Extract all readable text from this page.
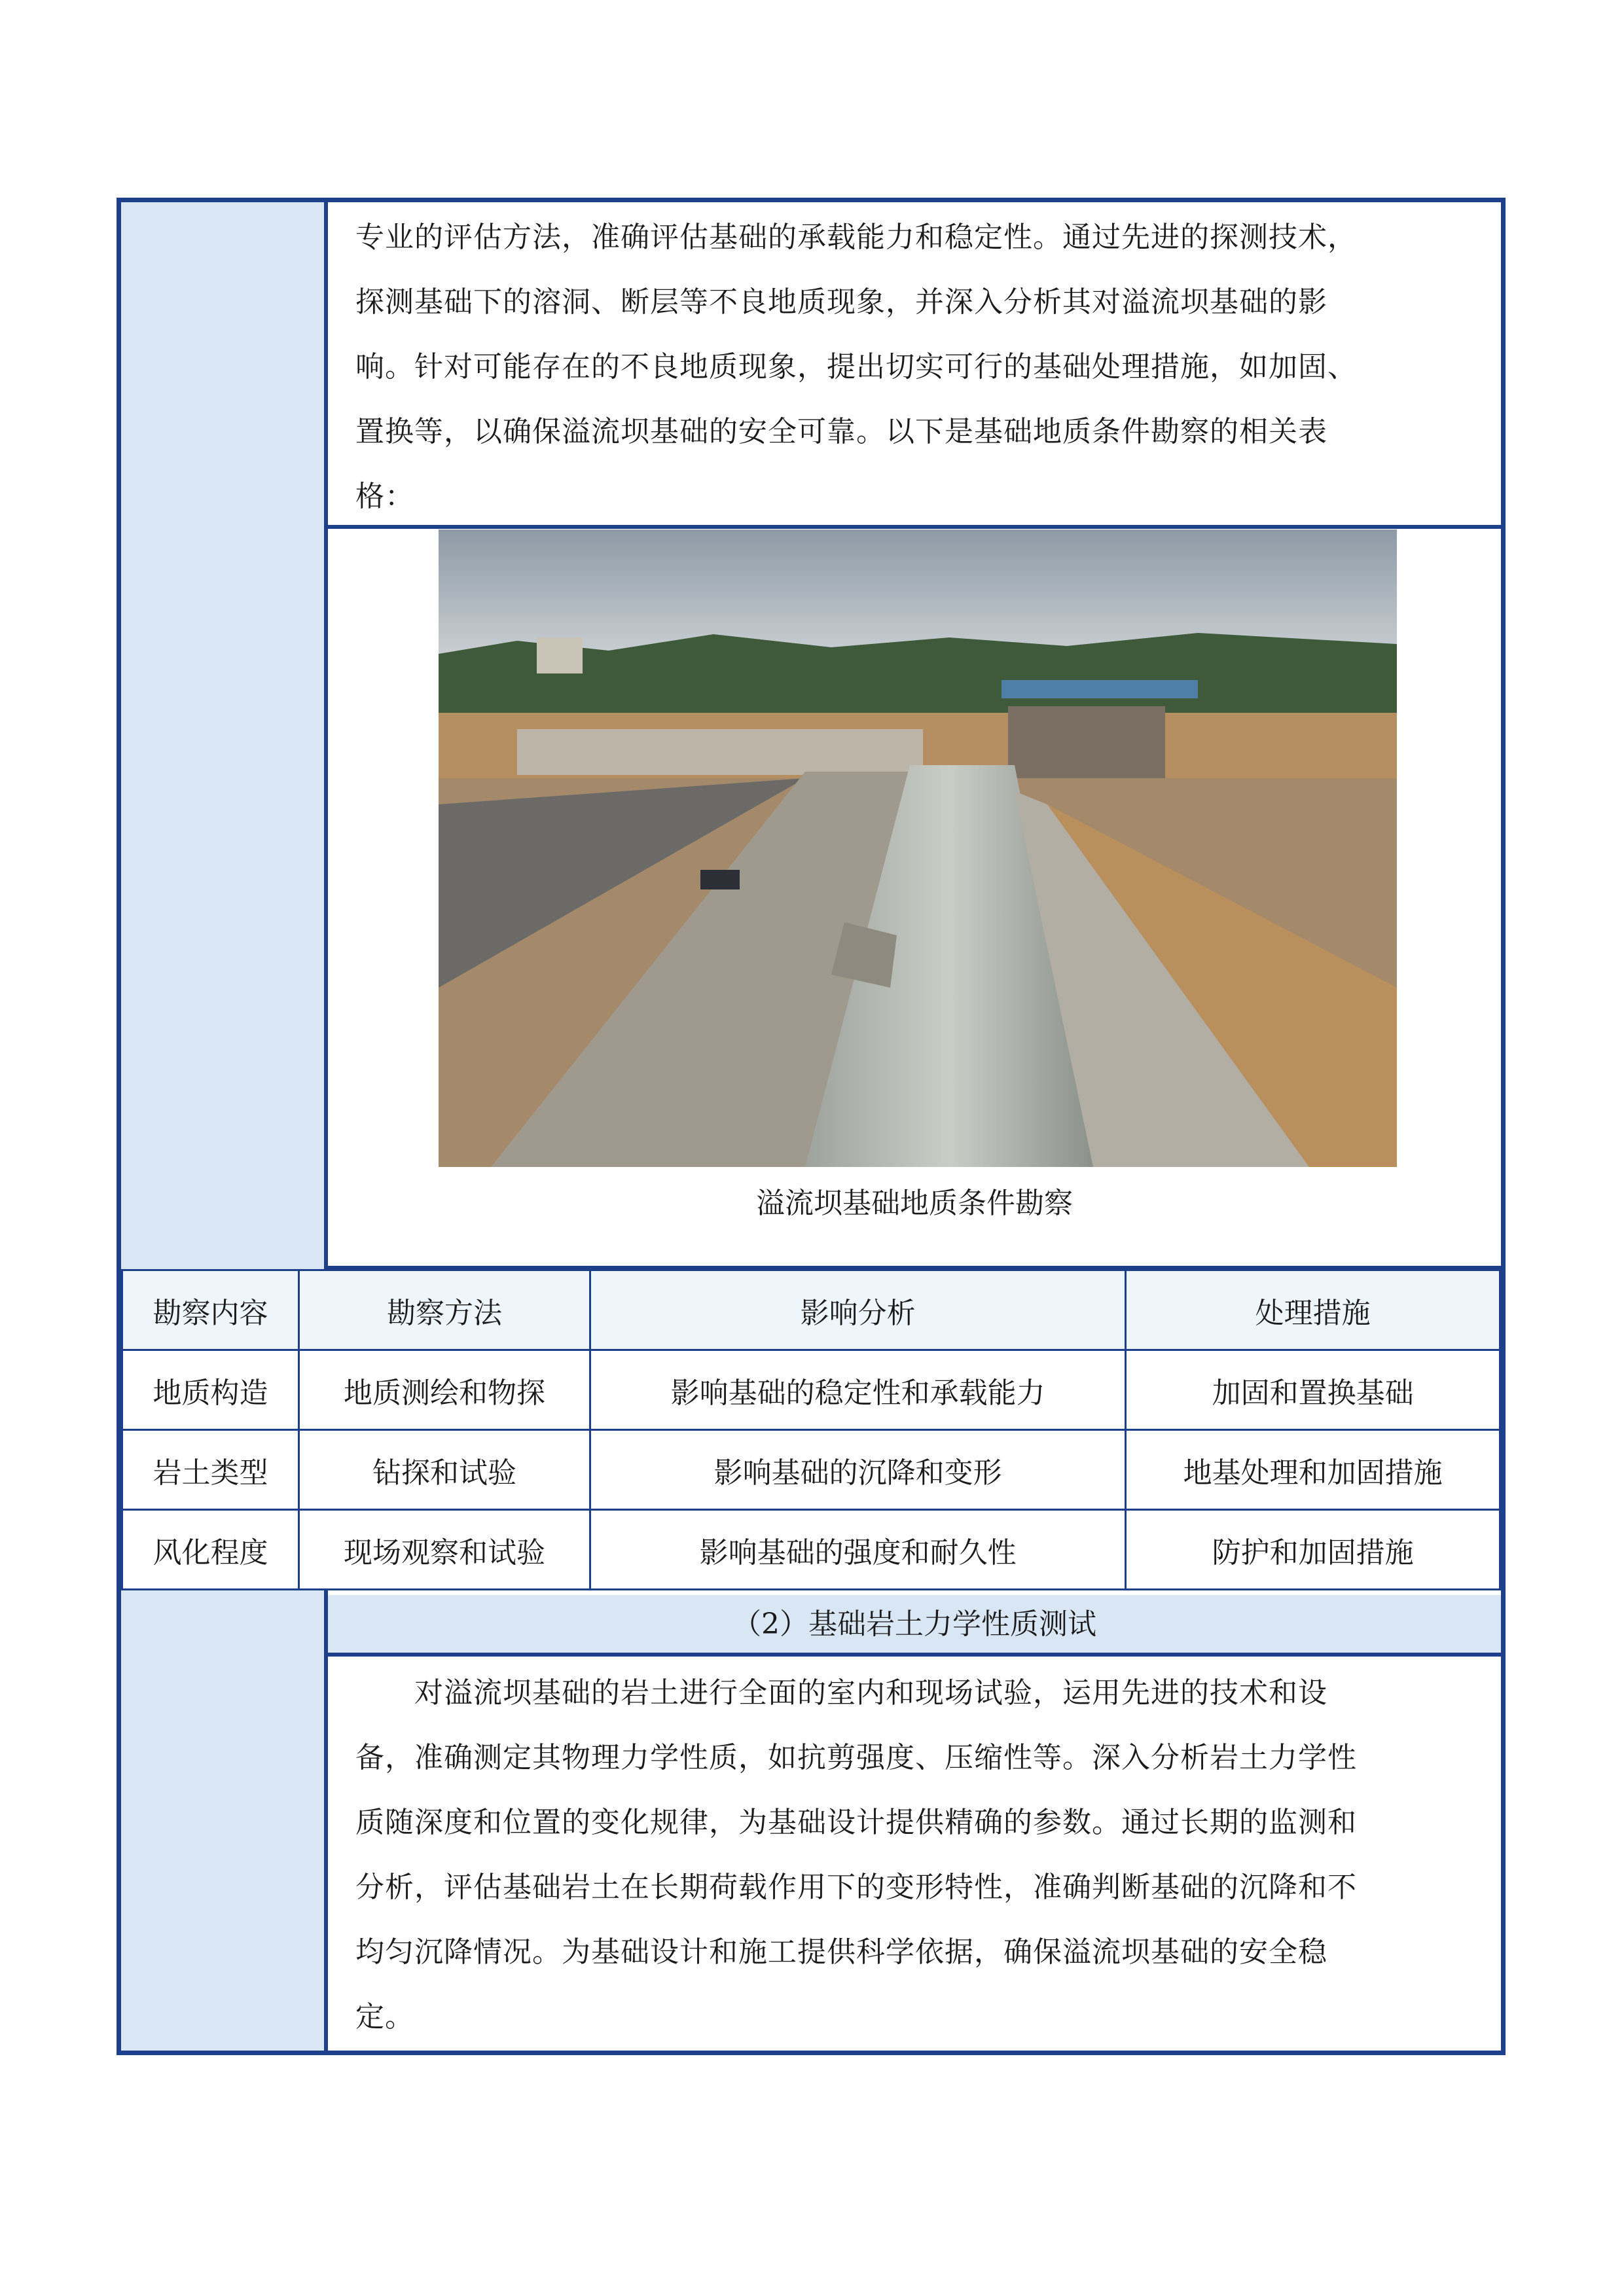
专业的评估方法，准确评估基础的承载能力和稳定性。通过先进的探测技术，
探测基础下的溶洞、断层等不良地质现象，并深入分析其对溢流坝基础的影
响。针对可能存在的不良地质现象，提出切实可行的基础处理措施，如加固、
置换等，以确保溢流坝基础的安全可靠。以下是基础地质条件勘察的相关表
格：
溢流坝基础地质条件勘察
勘察内容	勘察方法	影响分析	处理措施
地质构造	地质测绘和物探	影响基础的稳定性和承载能力	加固和置换基础
岩土类型	钻探和试验	影响基础的沉降和变形	地基处理和加固措施
风化程度	现场观察和试验	影响基础的强度和耐久性	防护和加固措施
（2）基础岩土力学性质测试
　　对溢流坝基础的岩土进行全面的室内和现场试验，运用先进的技术和设
备，准确测定其物理力学性质，如抗剪强度、压缩性等。深入分析岩土力学性
质随深度和位置的变化规律，为基础设计提供精确的参数。通过长期的监测和
分析，评估基础岩土在长期荷载作用下的变形特性，准确判断基础的沉降和不
均匀沉降情况。为基础设计和施工提供科学依据，确保溢流坝基础的安全稳
定。
